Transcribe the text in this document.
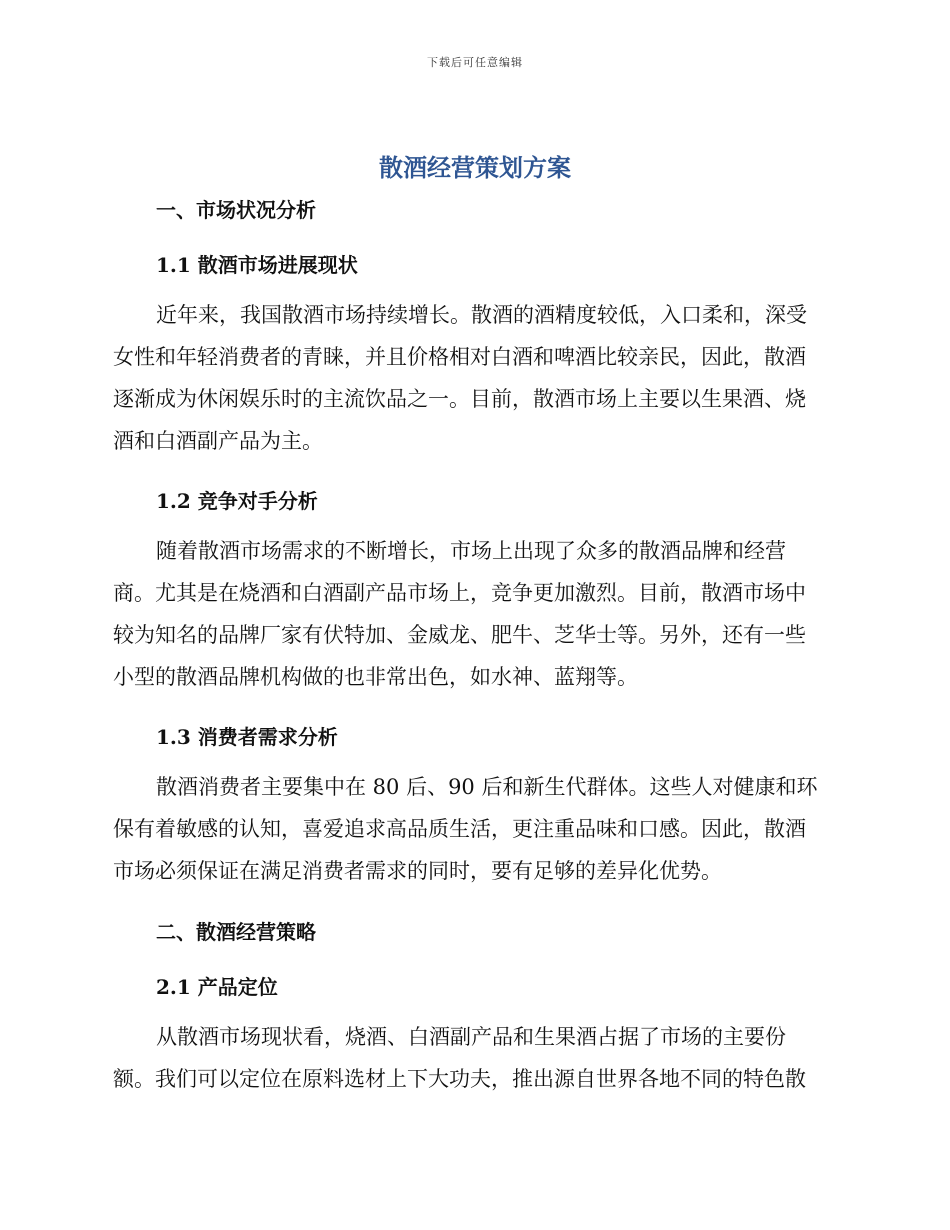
下载后可任意编辑
散酒经营策划方案
一、市场状况分析
1.1 散酒市场进展现状
近年来，我国散酒市场持续增长。散酒的酒精度较低，入口柔和，深受
女性和年轻消费者的青睐，并且价格相对白酒和啤酒比较亲民，因此，散酒
逐渐成为休闲娱乐时的主流饮品之一。目前，散酒市场上主要以生果酒、烧
酒和白酒副产品为主。
1.2 竞争对手分析
随着散酒市场需求的不断增长，市场上出现了众多的散酒品牌和经营
商。尤其是在烧酒和白酒副产品市场上，竞争更加激烈。目前，散酒市场中
较为知名的品牌厂家有伏特加、金威龙、肥牛、芝华士等。另外，还有一些
小型的散酒品牌机构做的也非常出色，如水神、蓝翔等。
1.3 消费者需求分析
散酒消费者主要集中在 80 后、90 后和新生代群体。这些人对健康和环
保有着敏感的认知，喜爱追求高品质生活，更注重品味和口感。因此，散酒
市场必须保证在满足消费者需求的同时，要有足够的差异化优势。
二、散酒经营策略
2.1 产品定位
从散酒市场现状看，烧酒、白酒副产品和生果酒占据了市场的主要份
额。我们可以定位在原料选材上下大功夫，推出源自世界各地不同的特色散
